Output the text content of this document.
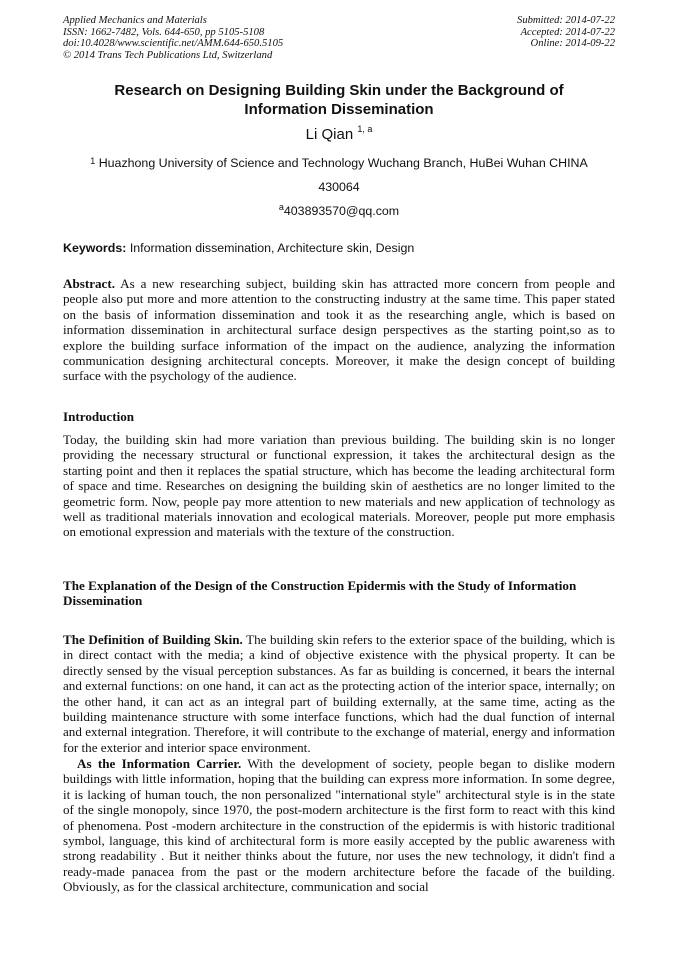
Applied Mechanics and Materials
ISSN: 1662-7482, Vols. 644-650, pp 5105-5108
doi:10.4028/www.scientific.net/AMM.644-650.5105
© 2014 Trans Tech Publications Ltd, Switzerland
Submitted: 2014-07-22
Accepted: 2014-07-22
Online: 2014-09-22
Research on Designing Building Skin under the Background of
Information Dissemination
Li Qian $^{1, a}$
$^1$ Huazhong University of Science and Technology Wuchang Branch, HuBei Wuhan CHINA
430064
$^a$403893570@qq.com
Keywords: Information dissemination, Architecture skin, Design
Abstract. As a new researching subject, building skin has attracted more concern from people and people also put more and more attention to the constructing industry at the same time. This paper stated on the basis of information dissemination and took it as the researching angle, which is based on information dissemination in architectural surface design perspectives as the starting point,so as to explore the building surface information of the impact on the audience, analyzing the information communication designing architectural concepts. Moreover, it make the design concept of building surface with the psychology of the audience.
Introduction
Today, the building skin had more variation than previous building. The building skin is no longer providing the necessary structural or functional expression, it takes the architectural design as the starting point and then it replaces the spatial structure, which has become the leading architectural form of space and time. Researches on designing the building skin of aesthetics are no longer limited to the geometric form. Now, people pay more attention to new materials and new application of technology as well as traditional materials innovation and ecological materials. Moreover, people put more emphasis on emotional expression and materials with the texture of the construction.
The Explanation of the Design of the Construction Epidermis with the Study of Information Dissemination
The Definition of Building Skin. The building skin refers to the exterior space of the building, which is in direct contact with the media; a kind of objective existence with the physical property. It can be directly sensed by the visual perception substances. As far as building is concerned, it bears the internal and external functions: on one hand, it can act as the protecting action of the interior space, internally; on the other hand, it can act as an integral part of building externally, at the same time, acting as the building maintenance structure with some interface functions, which had the dual function of internal and external integration. Therefore, it will contribute to the exchange of material, energy and information for the exterior and interior space environment.
As the Information Carrier. With the development of society, people began to dislike modern buildings with little information, hoping that the building can express more information. In some degree, it is lacking of human touch, the non personalized "international style" architectural style is in the state of the single monopoly, since 1970, the post-modern architecture is the first form to react with this kind of phenomena. Post -modern architecture in the construction of the epidermis is with historic traditional symbol, language, this kind of architectural form is more easily accepted by the public awareness with strong readability . But it neither thinks about the future, nor uses the new technology, it didn't find a ready-made panacea from the past or the modern architecture before the facade of the building. Obviously, as for the classical architecture, communication and social
